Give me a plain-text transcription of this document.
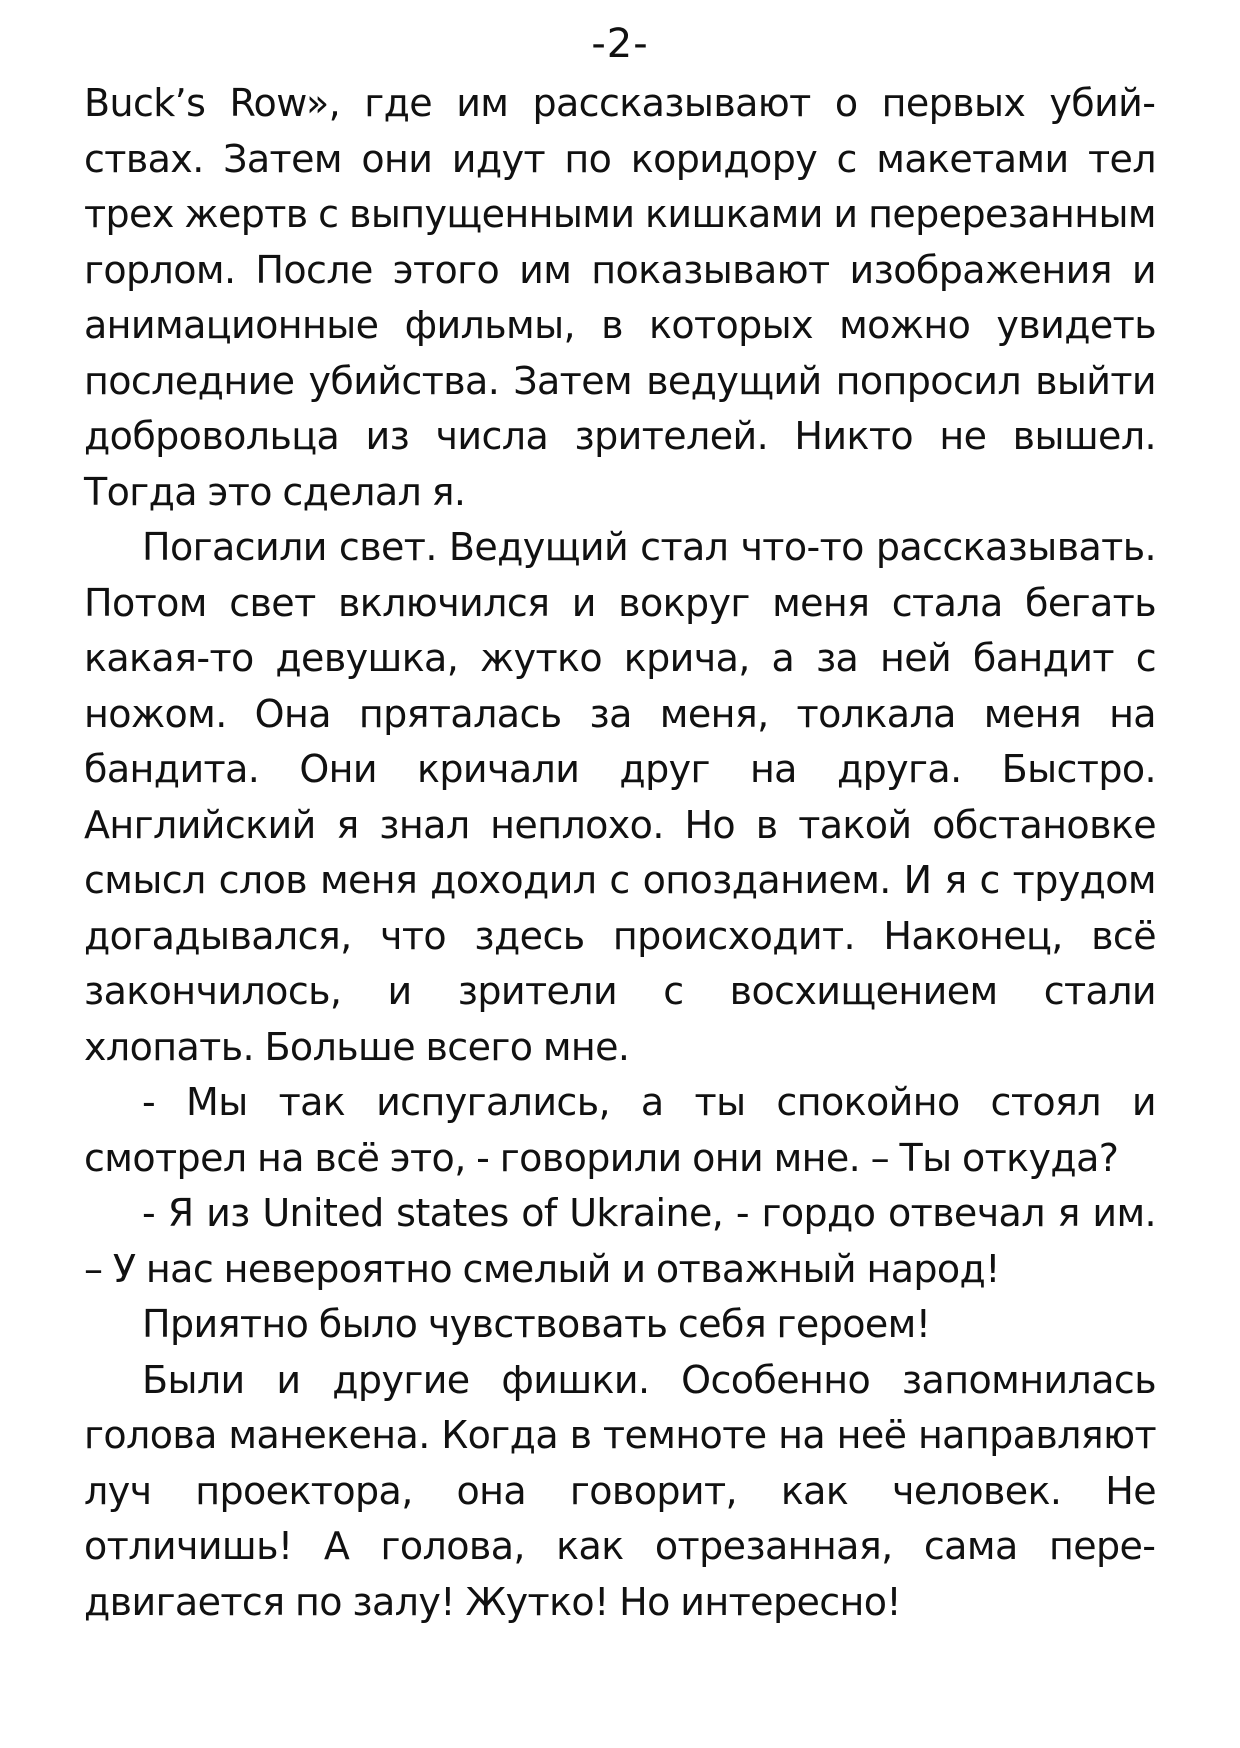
-2-

Buck’s Row», где им рассказывают о первых убийствах. Затем они идут по коридору с макетами тел трех жертв с выпущенными кишками и перерезанным горлом. После этого им показывают изображения и анимационные фильмы, в которых можно увидеть последние убийства. Затем ведущий попросил выйти добровольца из числа зрителей. Никто не вышел. Тогда это сделал я.

Погасили свет. Ведущий стал что-то рассказывать. Потом свет включился и вокруг меня стала бегать какая-то девушка, жутко крича, а за ней бандит с ножом. Она пряталась за меня, толкала меня на бандита. Они кричали друг на друга. Быстро. Английский я знал неплохо. Но в такой обстановке смысл слов меня доходил с опозданием. И я с трудом догадывался, что здесь происходит. Наконец, всё закончилось, и зрители с восхищением стали хлопать. Больше всего мне.

- Мы так испугались, а ты спокойно стоял и смотрел на всё это, - говорили они мне. – Ты откуда?

- Я из United states of Ukraine, - гордо отвечал я им. – У нас невероятно смелый и отважный народ!

Приятно было чувствовать себя героем!

Были и другие фишки. Особенно запомнилась голова манекена. Когда в темноте на неё направляют луч проектора, она говорит, как человек. Не отличишь! А голова, как отрезанная, сама передвигается по залу! Жутко! Но интересно!
